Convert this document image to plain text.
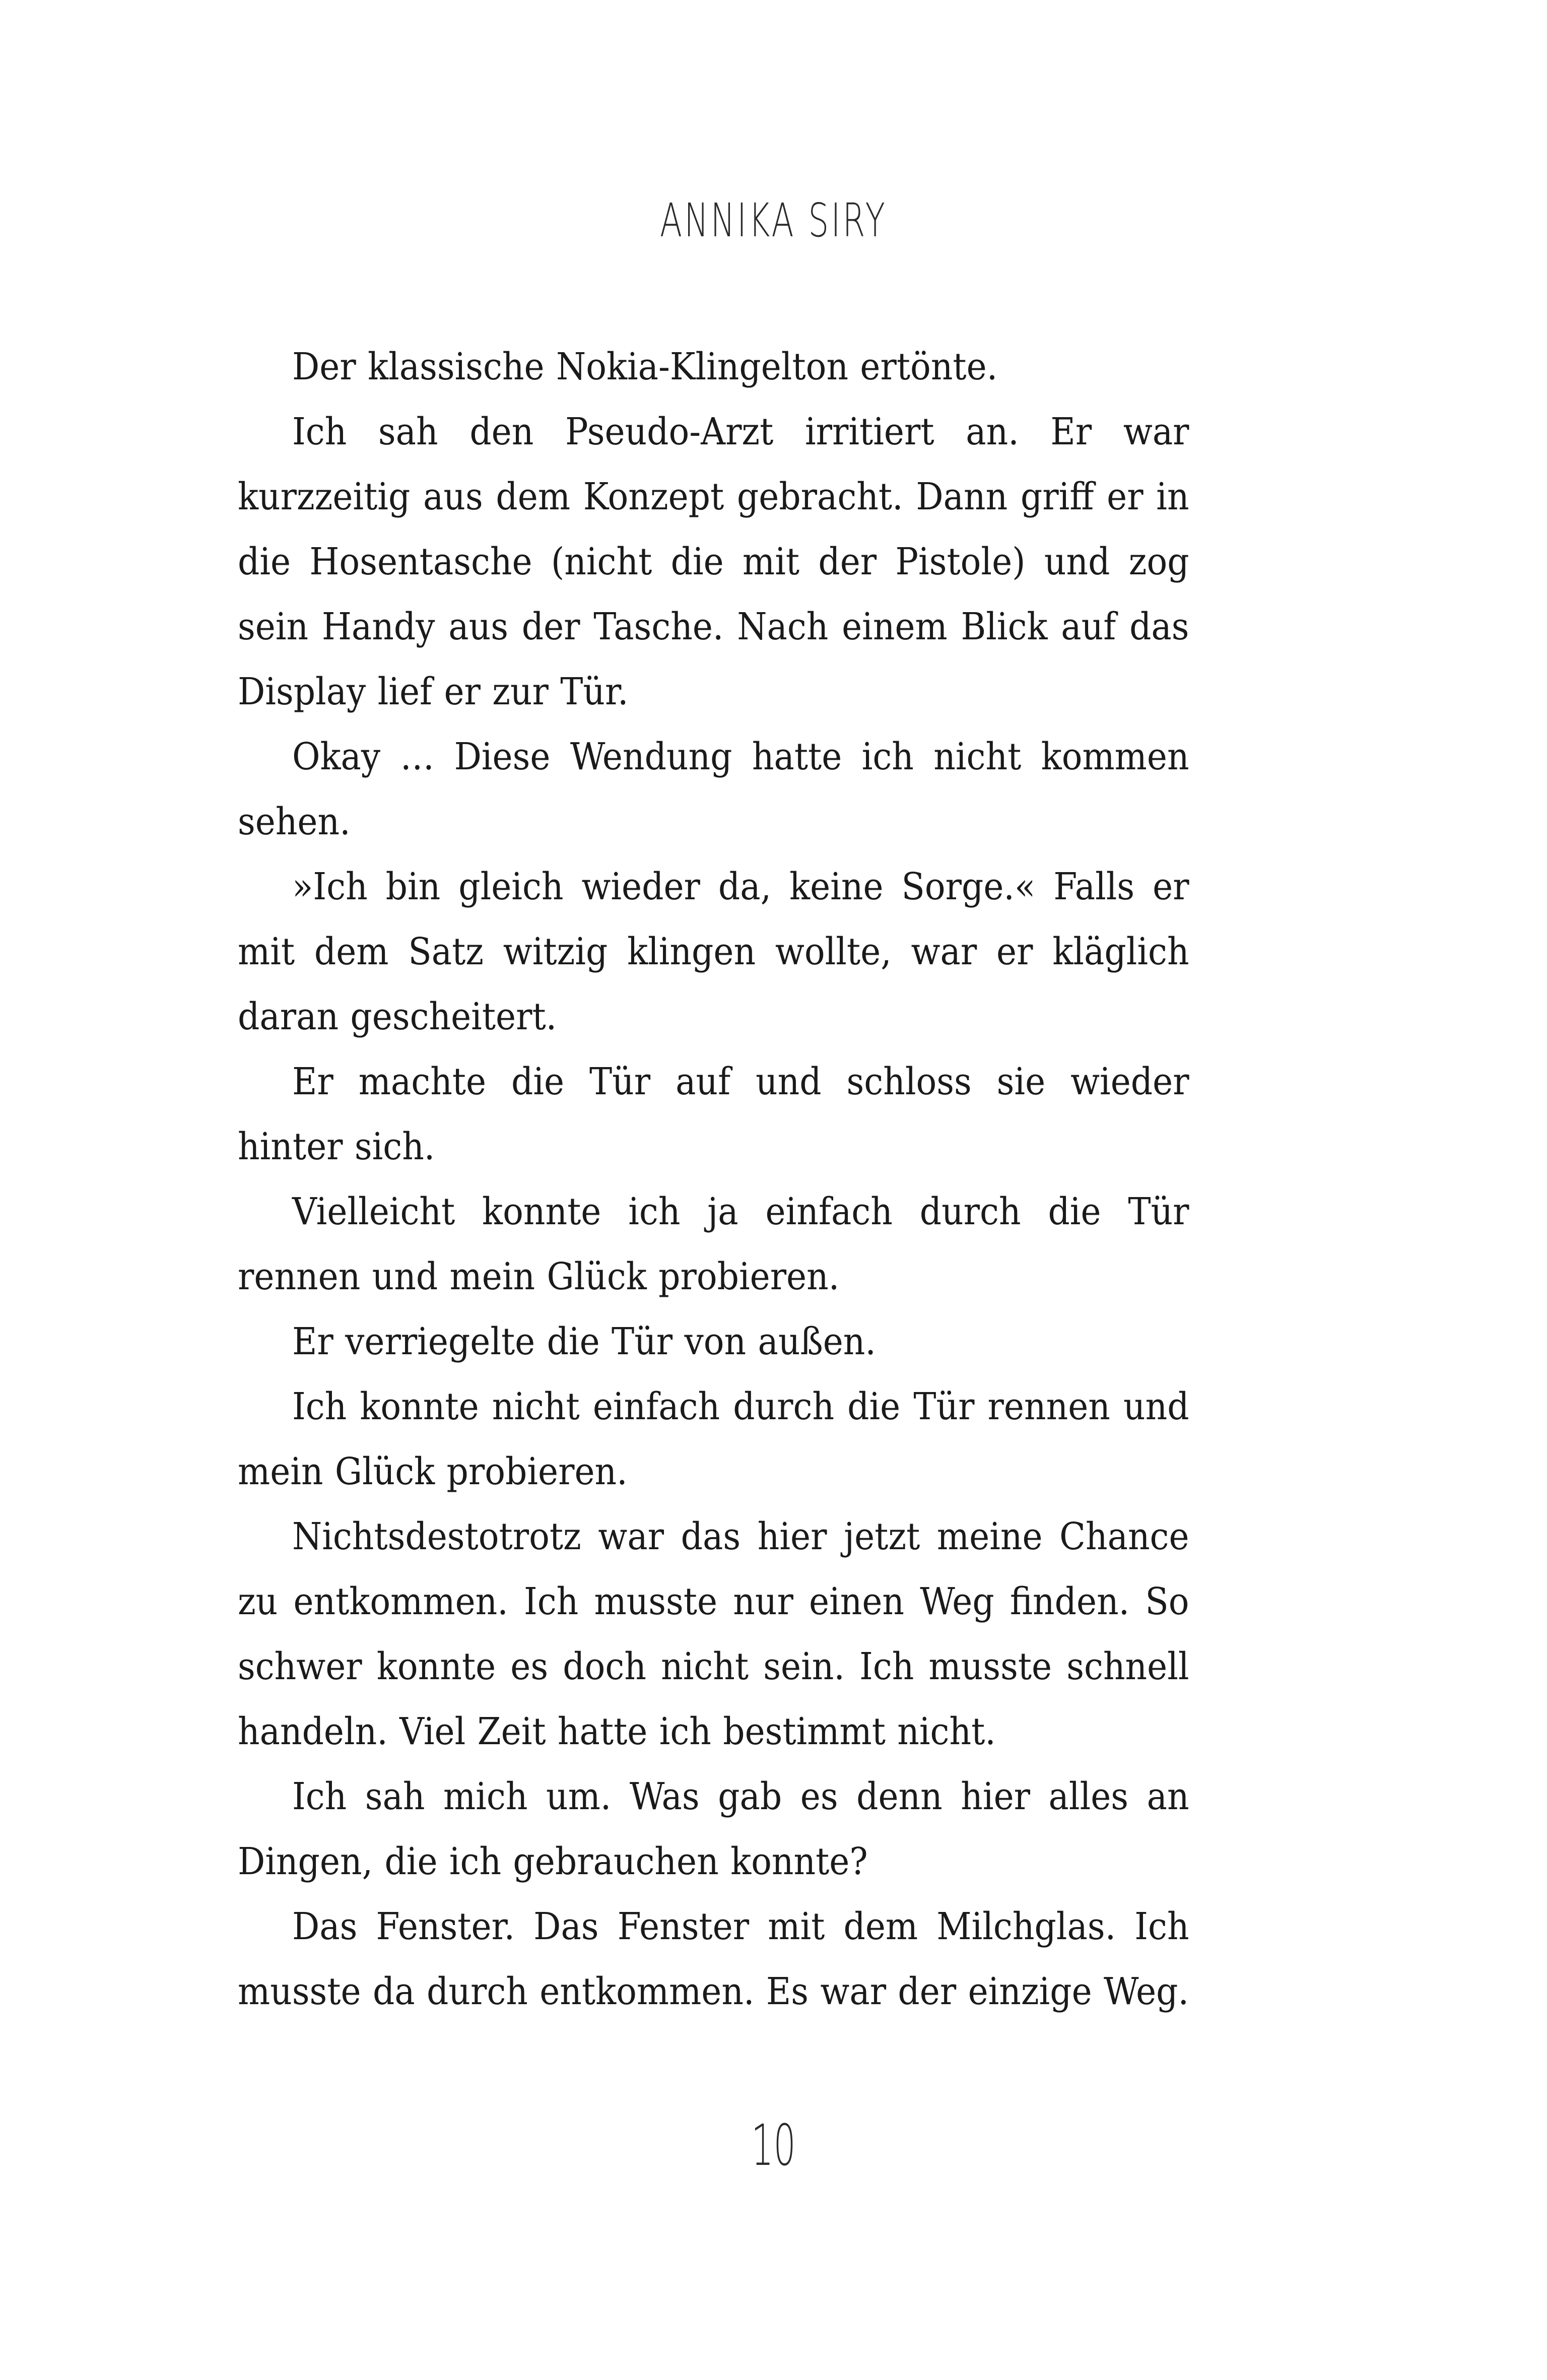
ANNIKA SIRY

Der klassische Nokia-Klingelton ertönte.

Ich sah den Pseudo-Arzt irritiert an. Er war kurzzeitig aus dem Konzept gebracht. Dann griff er in die Hosentasche (nicht die mit der Pistole) und zog sein Handy aus der Tasche. Nach einem Blick auf das Display lief er zur Tür.

Okay … Diese Wendung hatte ich nicht kommen sehen.

»Ich bin gleich wieder da, keine Sorge.« Falls er mit dem Satz witzig klingen wollte, war er kläglich daran gescheitert.

Er machte die Tür auf und schloss sie wieder hinter sich.

Vielleicht konnte ich ja einfach durch die Tür rennen und mein Glück probieren.

Er verriegelte die Tür von außen.

Ich konnte nicht einfach durch die Tür rennen und mein Glück probieren.

Nichtsdestotrotz war das hier jetzt meine Chance zu entkommen. Ich musste nur einen Weg finden. So schwer konnte es doch nicht sein. Ich musste schnell handeln. Viel Zeit hatte ich bestimmt nicht.

Ich sah mich um. Was gab es denn hier alles an Dingen, die ich gebrauchen konnte?

Das Fenster. Das Fenster mit dem Milchglas. Ich musste da durch entkommen. Es war der einzige Weg.

10
